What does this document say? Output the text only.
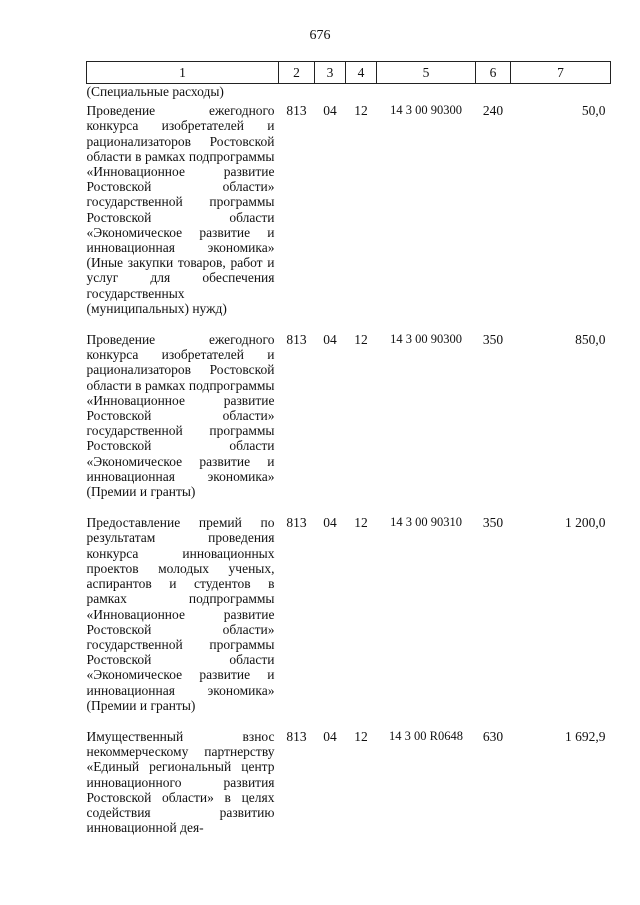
676
1	2	3	4	5	6	7
(Специальные расходы)						
Проведение ежегодного конкурса изобретателей и рационализаторов Ростовской области в рамках подпрограммы «Инновационное развитие Ростовской области» государственной программы Ростовской области «Экономическое развитие и инновационная экономика» (Иные закупки товаров, работ и услуг для обеспечения государственных (муниципальных) нужд)	813	04	12	14 3 00 90300	240	50,0
Проведение ежегодного конкурса изобретателей и рационализаторов Ростовской области в рамках подпрограммы «Инновационное развитие Ростовской области» государственной программы Ростовской области «Экономическое развитие и инновационная экономика» (Премии и гранты)	813	04	12	14 3 00 90300	350	850,0
Предоставление премий по результатам проведения конкурса инновационных проектов молодых ученых, аспирантов и студентов в рамках подпрограммы «Инновационное развитие Ростовской области» государственной программы Ростовской области «Экономическое развитие и инновационная экономика» (Премии и гранты)	813	04	12	14 3 00 90310	350	1 200,0
Имущественный взнос некоммерческому партнерству «Единый региональный центр инновационного развития Ростовской области» в целях содействия развитию инновационной дея-	813	04	12	14 3 00 R0648	630	1 692,9
